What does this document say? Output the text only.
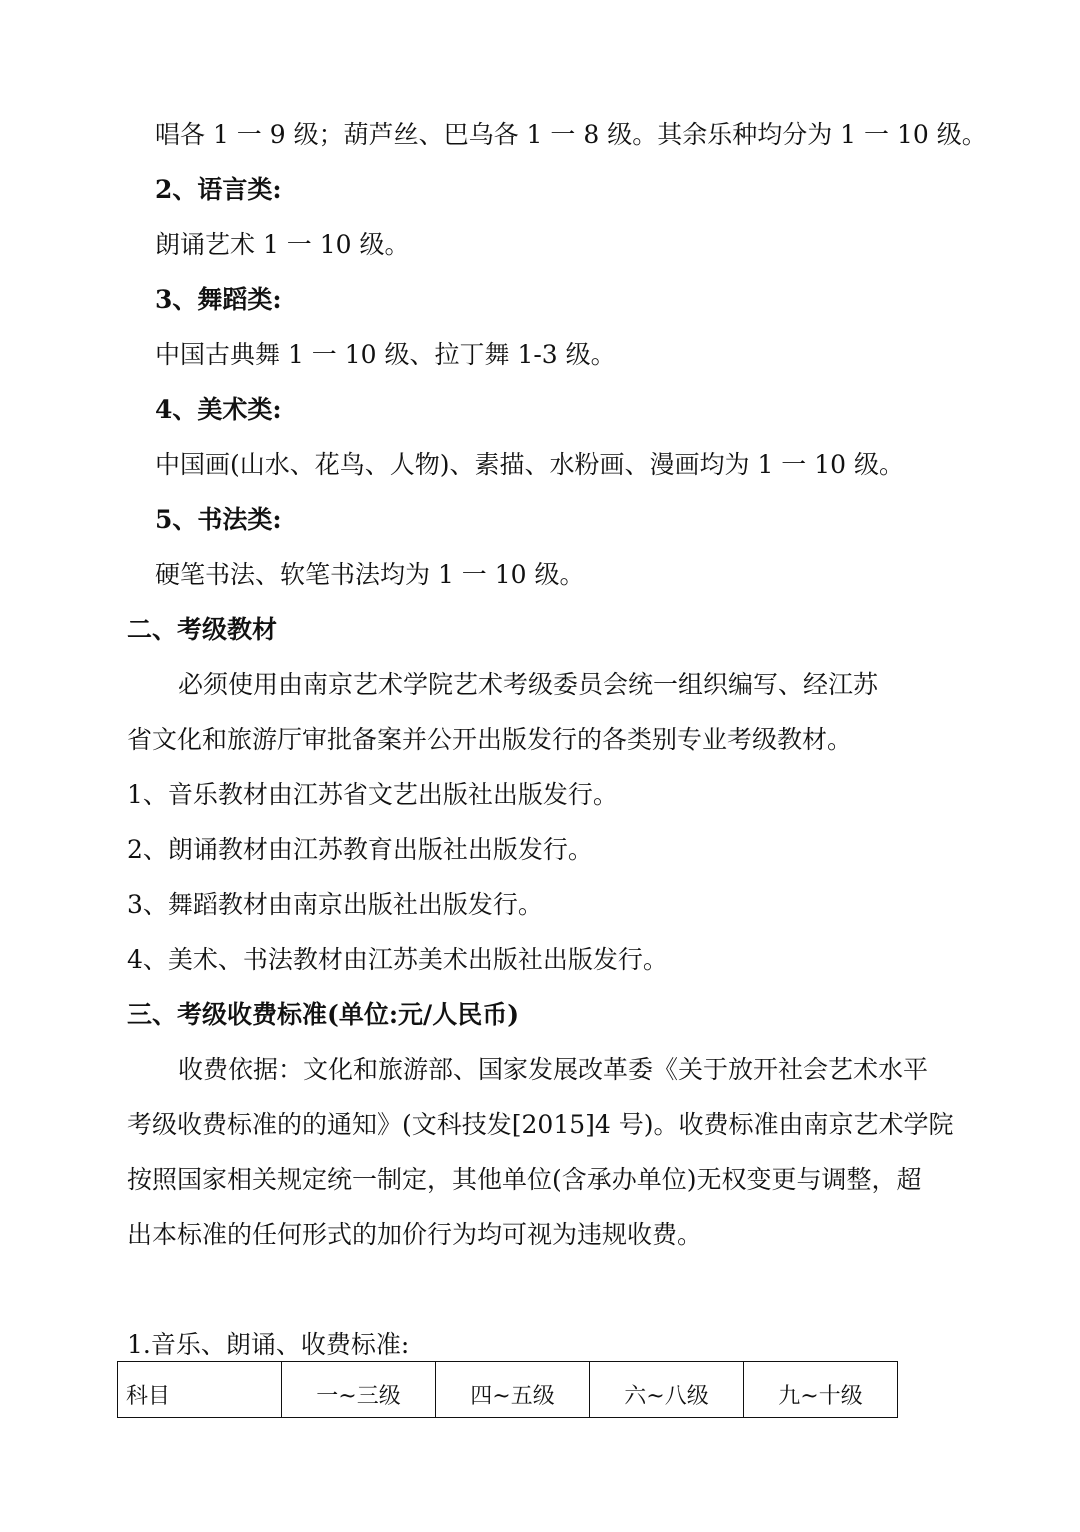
唱各 1 一 9 级；葫芦丝、巴乌各 1 一 8 级。其余乐种均分为 1 一 10 级。
2、语言类:
朗诵艺术 1 一 10 级。
3、舞蹈类:
中国古典舞 1 一 10 级、拉丁舞 1-3 级。
4、美术类:
中国画(山水、花鸟、人物)、素描、水粉画、漫画均为 1 一 10 级。
5、书法类:
硬笔书法、软笔书法均为 1 一 10 级。
二、考级教材
必须使用由南京艺术学院艺术考级委员会统一组织编写、经江苏
省文化和旅游厅审批备案并公开出版发行的各类别专业考级教材。
1、音乐教材由江苏省文艺出版社出版发行。
2、朗诵教材由江苏教育出版社出版发行。
3、舞蹈教材由南京出版社出版发行。
4、美术、书法教材由江苏美术出版社出版发行。
三、考级收费标准(单位:元/人民币)
收费依据：文化和旅游部、国家发展改革委《关于放开社会艺术水平
考级收费标准的的通知》(文科技发[2015]4 号)。收费标准由南京艺术学院
按照国家相关规定统一制定，其他单位(含承办单位)无权变更与调整，超
出本标准的任何形式的加价行为均可视为违规收费。
1.音乐、朗诵、收费标准:
科目	一~三级	四~五级	六~八级	九~十级
